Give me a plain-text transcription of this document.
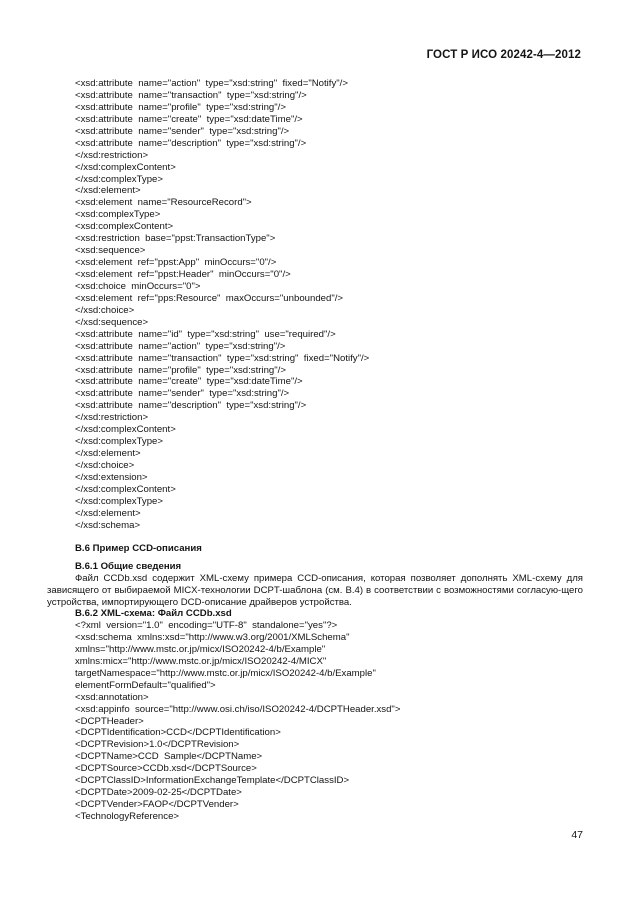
ГОСТ Р ИСО 20242-4—2012
<xsd:attribute  name="action"  type="xsd:string"  fixed="Notify"/>
<xsd:attribute  name="transaction"  type="xsd:string"/>
<xsd:attribute  name="profile"  type="xsd:string"/>
<xsd:attribute  name="create"  type="xsd:dateTime"/>
<xsd:attribute  name="sender"  type="xsd:string"/>
<xsd:attribute  name="description"  type="xsd:string"/>
</xsd:restriction>
</xsd:complexContent>
</xsd:complexType>
</xsd:element>
<xsd:element  name="ResourceRecord">
<xsd:complexType>
<xsd:complexContent>
<xsd:restriction  base="ppst:TransactionType">
<xsd:sequence>
<xsd:element  ref="ppst:App"  minOccurs="0"/>
<xsd:element  ref="ppst:Header"  minOccurs="0"/>
<xsd:choice  minOccurs="0">
<xsd:element  ref="pps:Resource"  maxOccurs="unbounded"/>
</xsd:choice>
</xsd:sequence>
<xsd:attribute  name="id"  type="xsd:string"  use="required"/>
<xsd:attribute  name="action"  type="xsd:string"/>
<xsd:attribute  name="transaction"  type="xsd:string"  fixed="Notify"/>
<xsd:attribute  name="profile"  type="xsd:string"/>
<xsd:attribute  name="create"  type="xsd:dateTime"/>
<xsd:attribute  name="sender"  type="xsd:string"/>
<xsd:attribute  name="description"  type="xsd:string"/>
</xsd:restriction>
</xsd:complexContent>
</xsd:complexType>
</xsd:element>
</xsd:choice>
</xsd:extension>
</xsd:complexContent>
</xsd:complexType>
</xsd:element>
</xsd:schema>
В.6 Пример CCD-описания
В.6.1 Общие сведения
Файл CCDb.xsd содержит XML-схему примера CCD-описания, которая позволяет дополнять XML-схему для зависящего от выбираемой MICX-технологии DCPT-шаблона (см. В.4) в соответствии с возможностями согласую-щего устройства, импортирующего DCD-описание драйверов устройства.
В.6.2 XML-схема: Файл CCDb.xsd
<?xml  version="1.0"  encoding="UTF-8"  standalone="yes"?>
<xsd:schema  xmlns:xsd="http://www.w3.org/2001/XMLSchema"
xmlns="http://www.mstc.or.jp/micx/ISO20242-4/b/Example"
xmlns:micx="http://www.mstc.or.jp/micx/ISO20242-4/MICX"
targetNamespace="http://www.mstc.or.jp/micx/ISO20242-4/b/Example"
elementFormDefault="qualified">
<xsd:annotation>
<xsd:appinfo  source="http://www.osi.ch/iso/ISO20242-4/DCPTHeader.xsd">
<DCPTHeader>
<DCPTIdentification>CCD</DCPTIdentification>
<DCPTRevision>1.0</DCPTRevision>
<DCPTName>CCD  Sample</DCPTName>
<DCPTSource>CCDb.xsd</DCPTSource>
<DCPTClassID>InformationExchangeTemplate</DCPTClassID>
<DCPTDate>2009-02-25</DCPTDate>
<DCPTVender>FAOP</DCPTVender>
<TechnologyReference>
47
